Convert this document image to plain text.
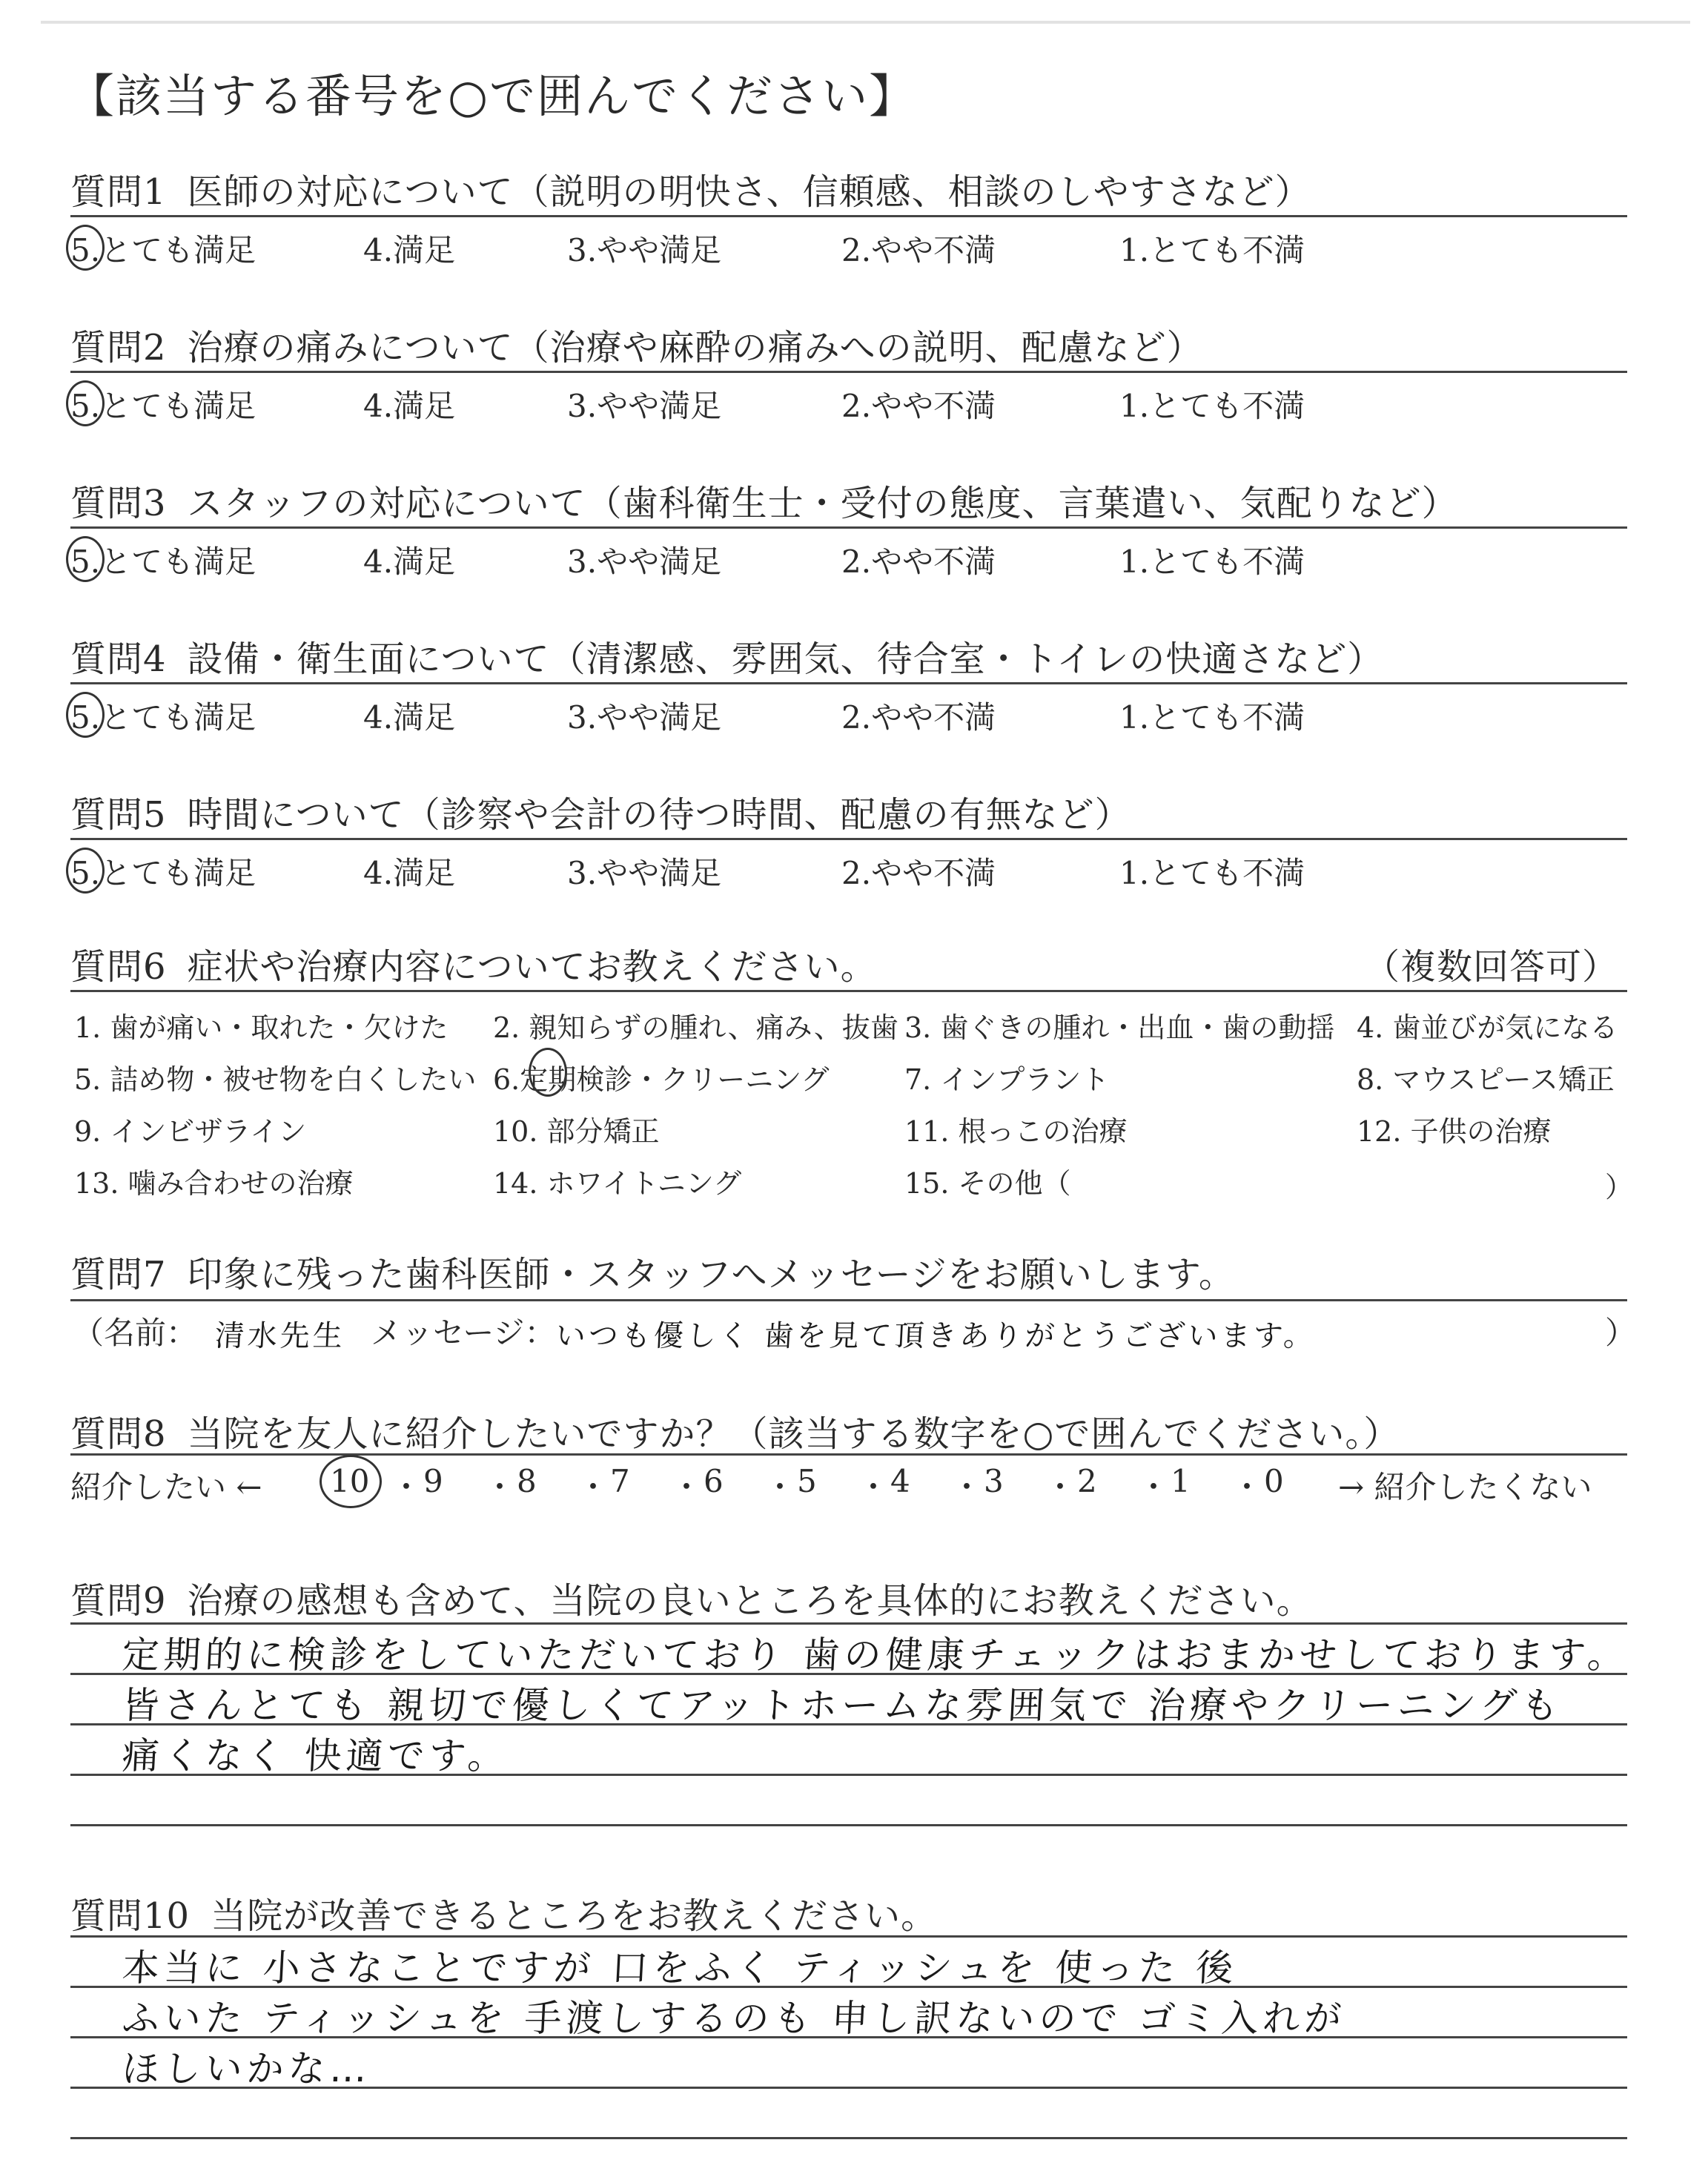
【該当する番号を○で囲んでください】
質問1 医師の対応について（説明の明快さ、信頼感、相談のしやすさなど）
5.とても満足	4.満足	3.やや満足	2.やや不満	1.とても不満
質問2 治療の痛みについて（治療や麻酔の痛みへの説明、配慮など）
5.とても満足	4.満足	3.やや満足	2.やや不満	1.とても不満
質問3 スタッフの対応について（歯科衛生士・受付の態度、言葉遣い、気配りなど）
5.とても満足	4.満足	3.やや満足	2.やや不満	1.とても不満
質問4 設備・衛生面について（清潔感、雰囲気、待合室・トイレの快適さなど）
5.とても満足	4.満足	3.やや満足	2.やや不満	1.とても不満
質問5 時間について（診察や会計の待つ時間、配慮の有無など）
5.とても満足	4.満足	3.やや満足	2.やや不満	1.とても不満
質問6 症状や治療内容についてお教えください。	（複数回答可）
1. 歯が痛い・取れた・欠けた 2. 親知らずの腫れ、痛み、抜歯 3. 歯ぐきの腫れ・出血・歯の動揺 4. 歯並びが気になる
5. 詰め物・被せ物を白くしたい 6.定期検診・クリーニング	7. インプラント	8. マウスピース矯正
9. インビザライン	10. 部分矯正	11. 根っこの治療	12. 子供の治療
13. 噛み合わせの治療	14. ホワイトニング	15. その他（	）
質問7 印象に残った歯科医師・スタッフへメッセージをお願いします。
（名前： 清水先生 メッセージ： いつも優しく 歯を見て頂きありがとうございます。	）
質問8 当院を友人に紹介したいですか？（該当する数字を○で囲んでください。）
紹介したい ← 10 ・ 9 ・ 8 ・ 7 ・ 6 ・ 5 ・ 4 ・ 3 ・ 2 ・ 1 ・ 0 → 紹介したくない
質問9 治療の感想も含めて、当院の良いところを具体的にお教えください。
定期的に検診をしていただいており 歯の健康チェックはおまかせしております。
皆さんとても 親切で優しくてアットホームな雰囲気で 治療やクリーニングも
痛くなく 快適です。
質問10 当院が改善できるところをお教えください。
本当に 小さなことですが 口をふく ティッシュを 使った 後
ふいた ティッシュを 手渡しするのも 申し訳ないので ゴミ入れが
ほしいかな…
